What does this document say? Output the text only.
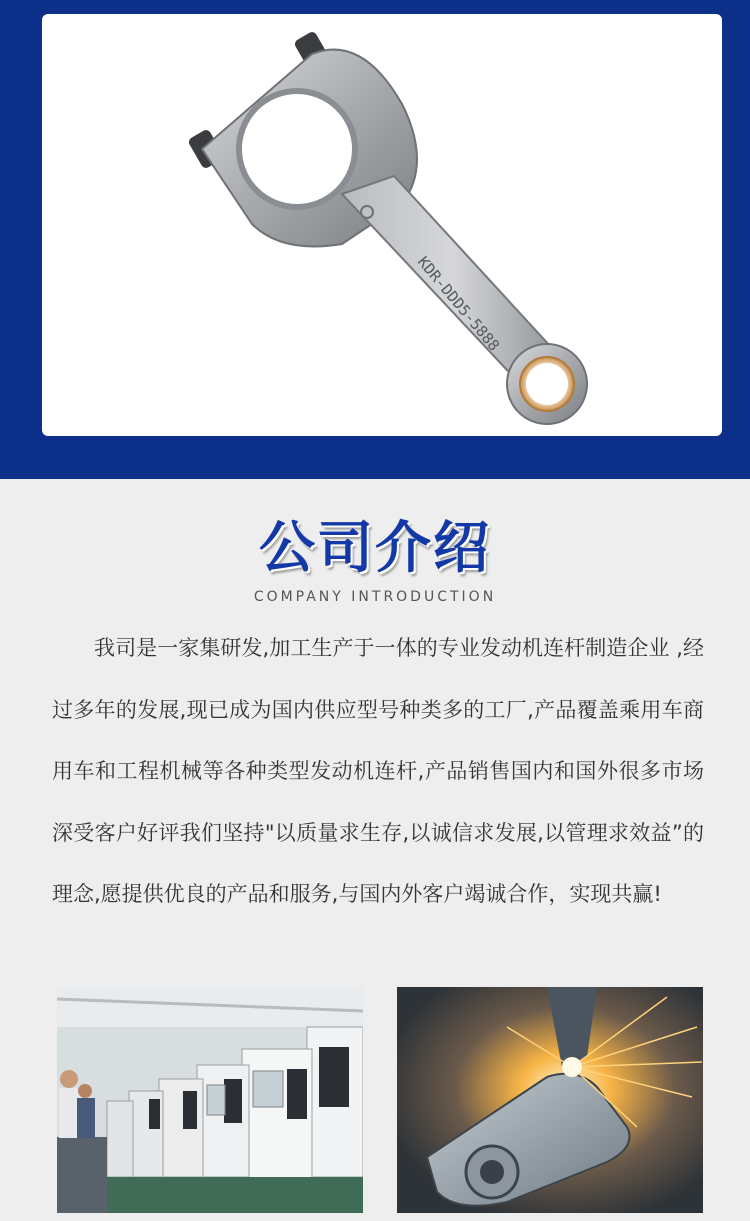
KDR-DDD5-5888
公司介绍
COMPANY INTRODUCTION

我司是一家集研发,加工生产于一体的专业发动机连杆制造企业 ,经过多年的发展,现已成为国内供应型号种类多的工厂,产品覆盖乘用车商用车和工程机械等各种类型发动机连杆,产品销售国内和国外很多市场深受客户好评我们坚持"以质量求生存,以诚信求发展,以管理求效益”的理念,愿提供优良的产品和服务,与国内外客户竭诚合作，实现共赢!
